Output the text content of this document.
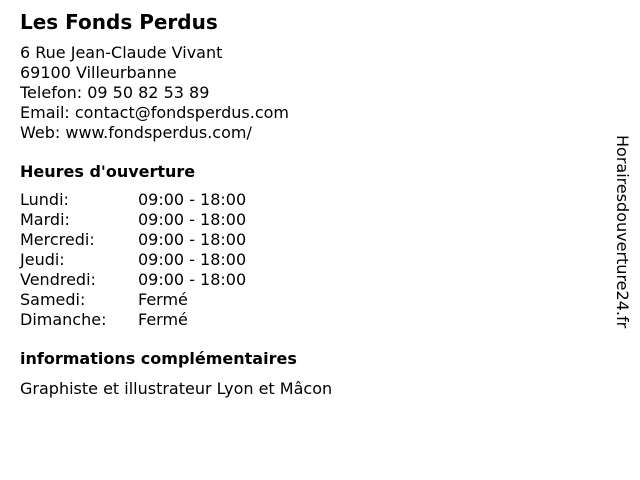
Les Fonds Perdus
6 Rue Jean-Claude Vivant
69100 Villeurbanne
Telefon: 09 50 82 53 89
Email: contact@fondsperdus.com
Web: www.fondsperdus.com/
Heures d'ouverture
Lundi:	09:00 - 18:00
Mardi:	09:00 - 18:00
Mercredi:	09:00 - 18:00
Jeudi:	09:00 - 18:00
Vendredi:	09:00 - 18:00
Samedi:	Fermé
Dimanche:	Fermé
informations complémentaires
Graphiste et illustrateur Lyon et Mâcon
Horairesdouverture24.fr
